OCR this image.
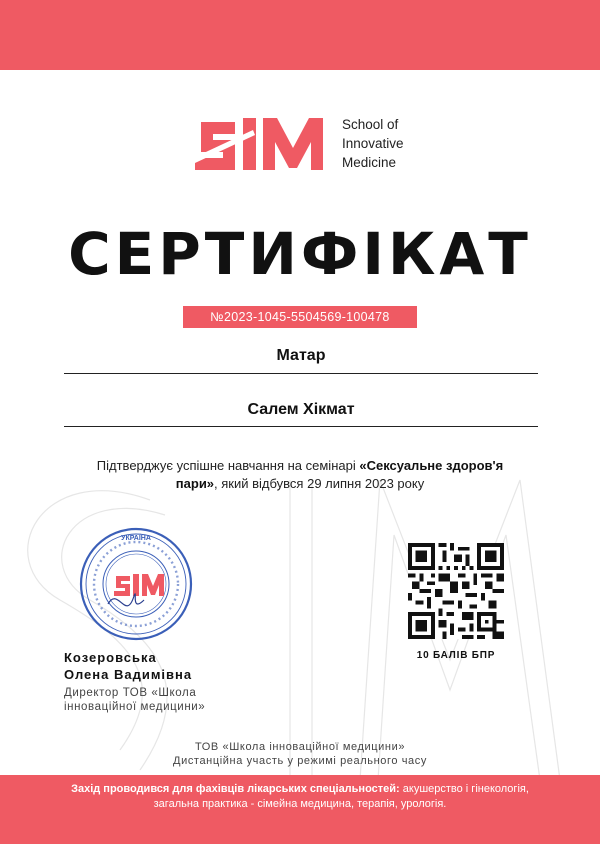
School of
Innovative
Medicine
СЕРТИФІКАТ
№2023-1045-5504569-100478
Матар
Салем Хікмат
Підтверджує успішне навчання на семінарі «Сексуальне здоров'я
пари», який відбувся 29 липня 2023 року
УКРАЇНА
10 БАЛІВ БПР
Козеровська
Олена Вадимівна
Директор ТОВ «Школа
інноваційної медицини»
ТОВ «Школа інноваційної медицини»
Дистанційна участь у режимі реального часу
Захід проводився для фахівців лікарських спеціальностей: акушерство і гінекологія,
загальна практика - сімейна медицина, терапія, урологія.
